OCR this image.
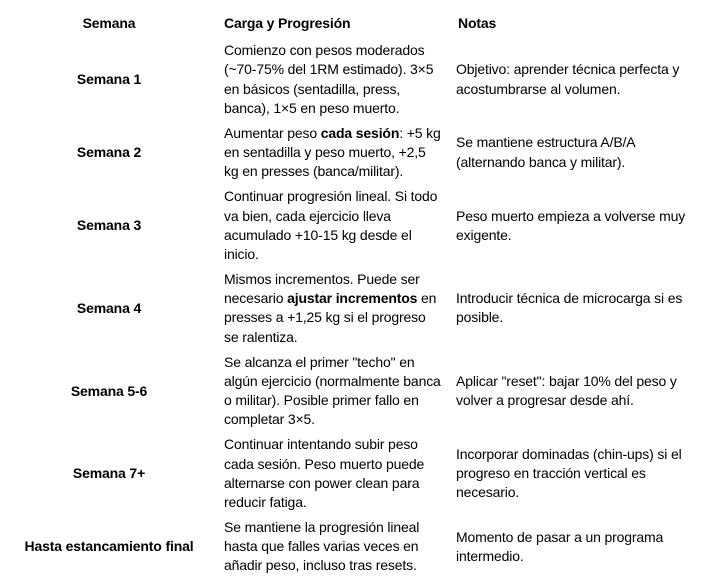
Semana	Carga y Progresión	Notas
Semana 1	Comienzo con pesos moderados (~70-75% del 1RM estimado). 3×5 en básicos (sentadilla, press, banca), 1×5 en peso muerto.	Objetivo: aprender técnica perfecta y acostumbrarse al volumen.
Semana 2	Aumentar peso cada sesión: +5 kg en sentadilla y peso muerto, +2,5 kg en presses (banca/militar).	Se mantiene estructura A/B/A (alternando banca y militar).
Semana 3	Continuar progresión lineal. Si todo va bien, cada ejercicio lleva acumulado +10-15 kg desde el inicio.	Peso muerto empieza a volverse muy exigente.
Semana 4	Mismos incrementos. Puede ser necesario ajustar incrementos en presses a +1,25 kg si el progreso se ralentiza.	Introducir técnica de microcarga si es posible.
Semana 5-6	Se alcanza el primer "techo" en algún ejercicio (normalmente banca o militar). Posible primer fallo en completar 3×5.	Aplicar "reset": bajar 10% del peso y volver a progresar desde ahí.
Semana 7+	Continuar intentando subir peso cada sesión. Peso muerto puede alternarse con power clean para reducir fatiga.	Incorporar dominadas (chin-ups) si el progreso en tracción vertical es necesario.
Hasta estancamiento final	Se mantiene la progresión lineal hasta que falles varias veces en añadir peso, incluso tras resets.	Momento de pasar a un programa intermedio.
